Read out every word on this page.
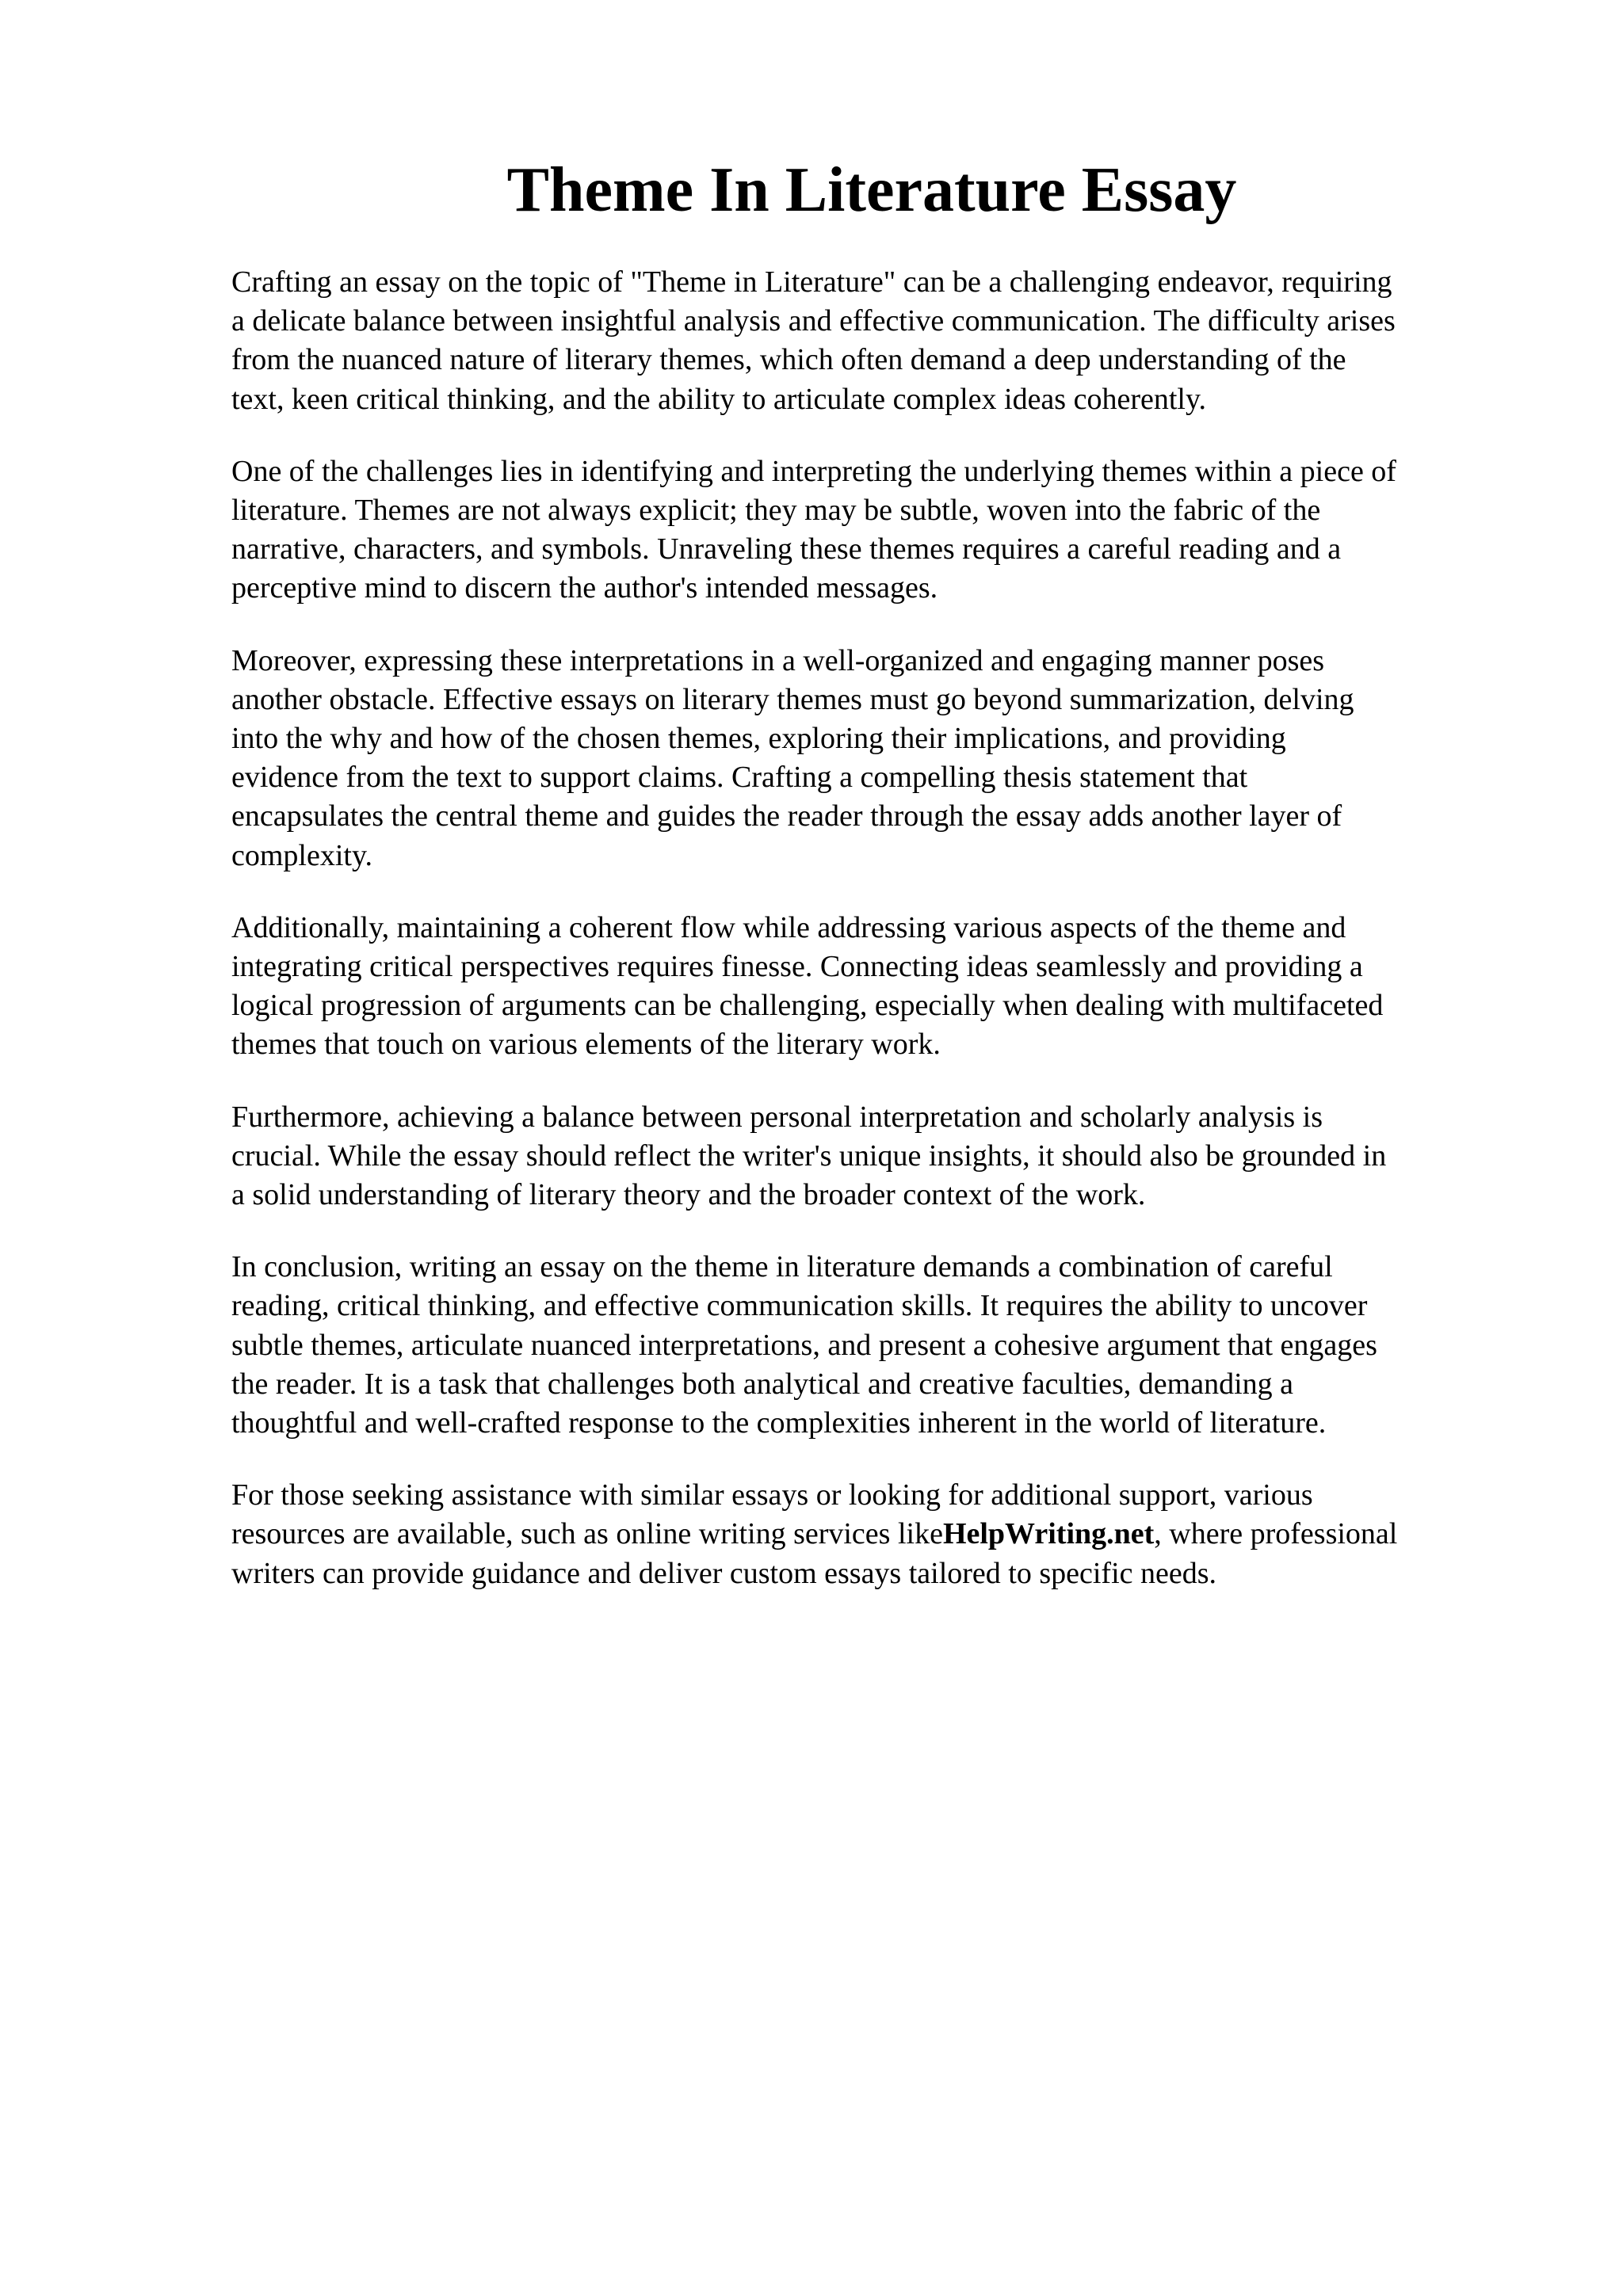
Theme In Literature Essay

Crafting an essay on the topic of "Theme in Literature" can be a challenging endeavor, requiring
a delicate balance between insightful analysis and effective communication. The difficulty arises
from the nuanced nature of literary themes, which often demand a deep understanding of the
text, keen critical thinking, and the ability to articulate complex ideas coherently.

One of the challenges lies in identifying and interpreting the underlying themes within a piece of
literature. Themes are not always explicit; they may be subtle, woven into the fabric of the
narrative, characters, and symbols. Unraveling these themes requires a careful reading and a
perceptive mind to discern the author's intended messages.

Moreover, expressing these interpretations in a well-organized and engaging manner poses
another obstacle. Effective essays on literary themes must go beyond summarization, delving
into the why and how of the chosen themes, exploring their implications, and providing
evidence from the text to support claims. Crafting a compelling thesis statement that
encapsulates the central theme and guides the reader through the essay adds another layer of
complexity.

Additionally, maintaining a coherent flow while addressing various aspects of the theme and
integrating critical perspectives requires finesse. Connecting ideas seamlessly and providing a
logical progression of arguments can be challenging, especially when dealing with multifaceted
themes that touch on various elements of the literary work.

Furthermore, achieving a balance between personal interpretation and scholarly analysis is
crucial. While the essay should reflect the writer's unique insights, it should also be grounded in
a solid understanding of literary theory and the broader context of the work.

In conclusion, writing an essay on the theme in literature demands a combination of careful
reading, critical thinking, and effective communication skills. It requires the ability to uncover
subtle themes, articulate nuanced interpretations, and present a cohesive argument that engages
the reader. It is a task that challenges both analytical and creative faculties, demanding a
thoughtful and well-crafted response to the complexities inherent in the world of literature.

For those seeking assistance with similar essays or looking for additional support, various
resources are available, such as online writing services likeHelpWriting.net, where professional
writers can provide guidance and deliver custom essays tailored to specific needs.
